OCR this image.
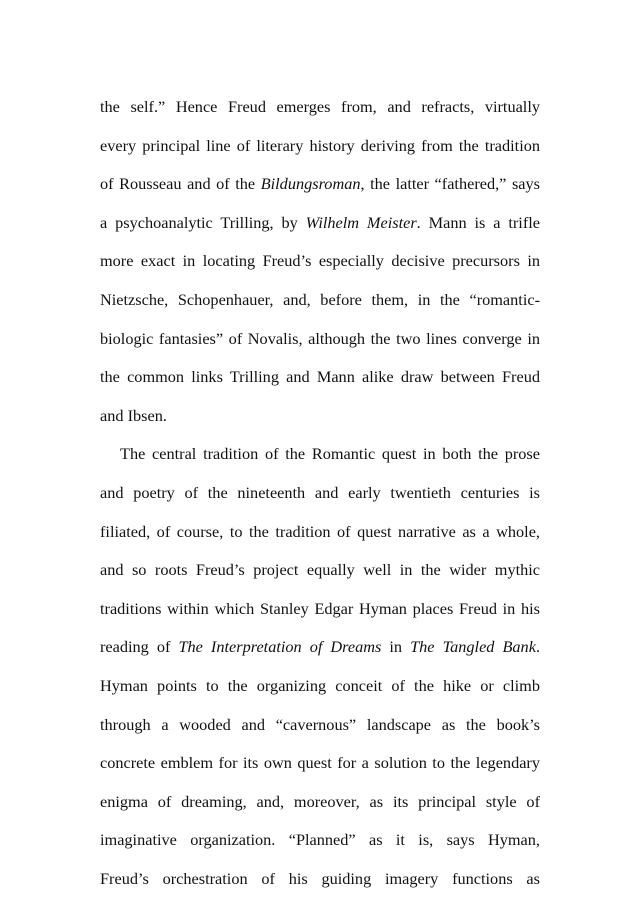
the self.” Hence Freud emerges from, and refracts, virtually
every principal line of literary history deriving from the tradition
of Rousseau and of the Bildungsroman, the latter “fathered,” says
a psychoanalytic Trilling, by Wilhelm Meister. Mann is a trifle
more exact in locating Freud’s especially decisive precursors in
Nietzsche, Schopenhauer, and, before them, in the “romantic-
biologic fantasies” of Novalis, although the two lines converge in
the common links Trilling and Mann alike draw between Freud
and Ibsen.
The central tradition of the Romantic quest in both the prose
and poetry of the nineteenth and early twentieth centuries is
filiated, of course, to the tradition of quest narrative as a whole,
and so roots Freud’s project equally well in the wider mythic
traditions within which Stanley Edgar Hyman places Freud in his
reading of The Interpretation of Dreams in The Tangled Bank.
Hyman points to the organizing conceit of the hike or climb
through a wooded and “cavernous” landscape as the book’s
concrete emblem for its own quest for a solution to the legendary
enigma of dreaming, and, moreover, as its principal style of
imaginative organization. “Planned” as it is, says Hyman,
Freud’s orchestration of his guiding imagery functions as
